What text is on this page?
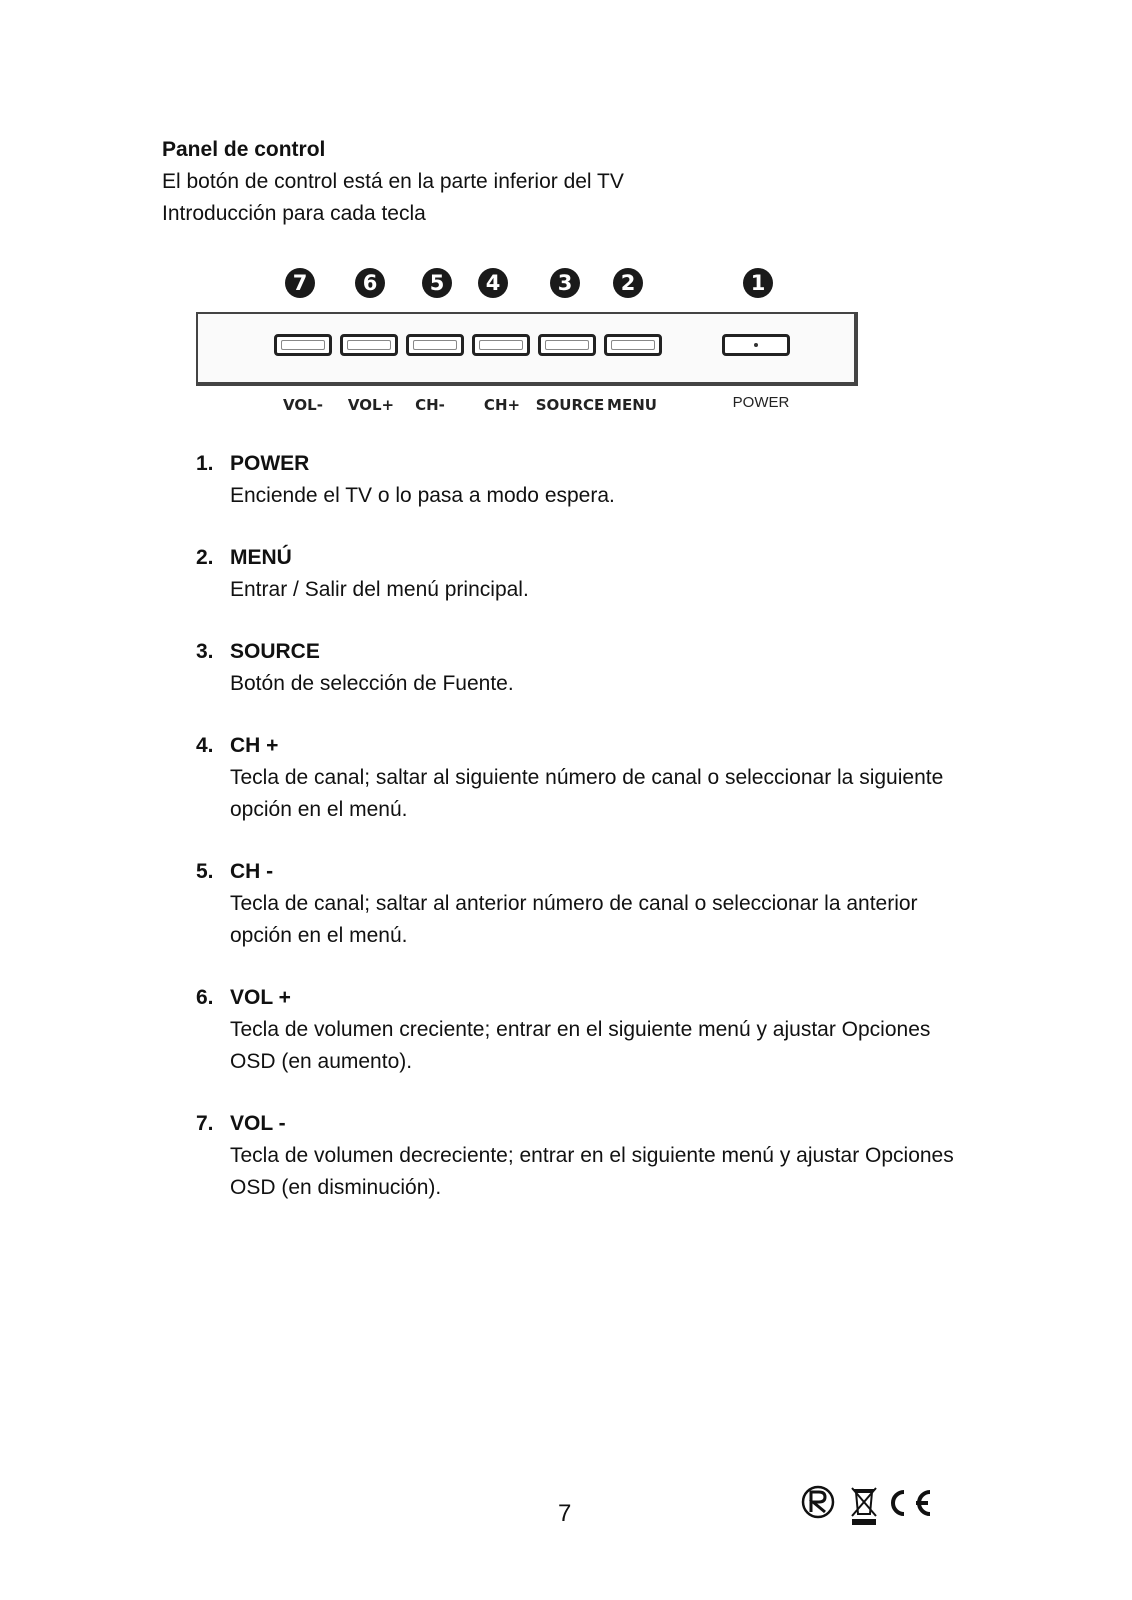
Panel de control
El botón de control está en la parte inferior del TV
Introducción para cada tecla
7	6	5	4	3	2	1
VOL- VOL+ CH-	CH+ SOURCE MENU	POWER
1. POWER
Enciende el TV o lo pasa a modo espera.
2. MENÚ
Entrar / Salir del menú principal.
3. SOURCE
Botón de selección de Fuente.
4. CH +
Tecla de canal; saltar al siguiente número de canal o seleccionar la siguiente opción en el menú.
5. CH -
Tecla de canal; saltar al anterior número de canal o seleccionar la anterior opción en el menú.
6. VOL +
Tecla de volumen creciente; entrar en el siguiente menú y ajustar Opciones OSD (en aumento).
7. VOL -
Tecla de volumen decreciente; entrar en el siguiente menú y ajustar Opciones OSD (en disminución).
7
